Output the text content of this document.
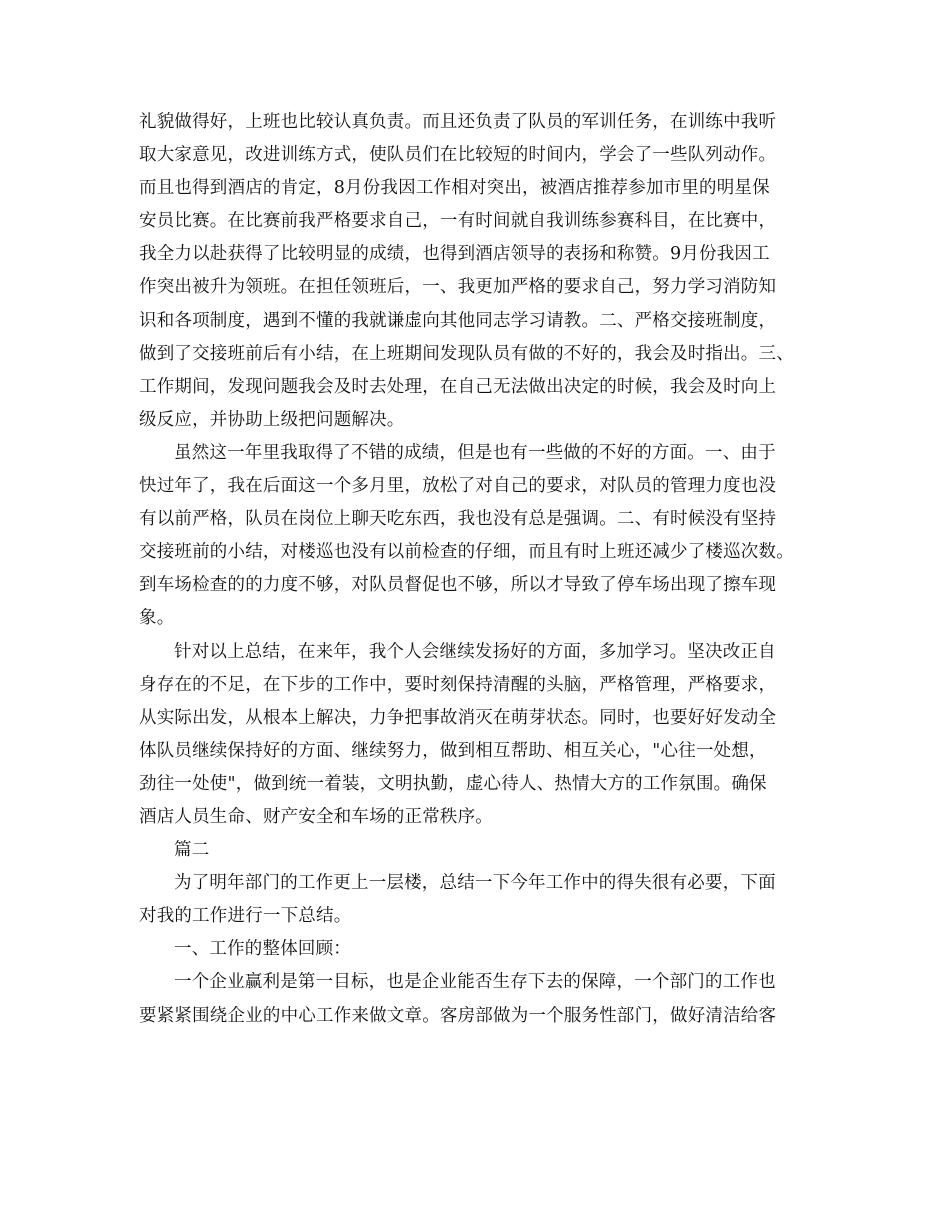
礼貌做得好，上班也比较认真负责。而且还负责了队员的军训任务，在训练中我听
取大家意见，改进训练方式，使队员们在比较短的时间内，学会了一些队列动作。
而且也得到酒店的肯定，8月份我因工作相对突出，被酒店推荐参加市里的明星保
安员比赛。在比赛前我严格要求自己，一有时间就自我训练参赛科目，在比赛中，
我全力以赴获得了比较明显的成绩，也得到酒店领导的表扬和称赞。9月份我因工
作突出被升为领班。在担任领班后，一、我更加严格的要求自己，努力学习消防知
识和各项制度，遇到不懂的我就谦虚向其他同志学习请教。二、严格交接班制度，
做到了交接班前后有小结，在上班期间发现队员有做的不好的，我会及时指出。三、
工作期间，发现问题我会及时去处理，在自己无法做出决定的时候，我会及时向上
级反应，并协助上级把问题解决。
虽然这一年里我取得了不错的成绩，但是也有一些做的不好的方面。一、由于
快过年了，我在后面这一个多月里，放松了对自己的要求，对队员的管理力度也没
有以前严格，队员在岗位上聊天吃东西，我也没有总是强调。二、有时候没有坚持
交接班前的小结，对楼巡也没有以前检查的仔细，而且有时上班还减少了楼巡次数。
到车场检查的的力度不够，对队员督促也不够，所以才导致了停车场出现了擦车现
象。
针对以上总结，在来年，我个人会继续发扬好的方面，多加学习。坚决改正自
身存在的不足，在下步的工作中，要时刻保持清醒的头脑，严格管理，严格要求，
从实际出发，从根本上解决，力争把事故消灭在萌芽状态。同时，也要好好发动全
体队员继续保持好的方面、继续努力，做到相互帮助、相互关心，"心往一处想，
劲往一处使"，做到统一着装，文明执勤，虚心待人、热情大方的工作氛围。确保
酒店人员生命、财产安全和车场的正常秩序。
篇二
为了明年部门的工作更上一层楼，总结一下今年工作中的得失很有必要，下面
对我的工作进行一下总结。
一、工作的整体回顾：
一个企业赢利是第一目标，也是企业能否生存下去的保障，一个部门的工作也
要紧紧围绕企业的中心工作来做文章。客房部做为一个服务性部门，做好清洁给客
